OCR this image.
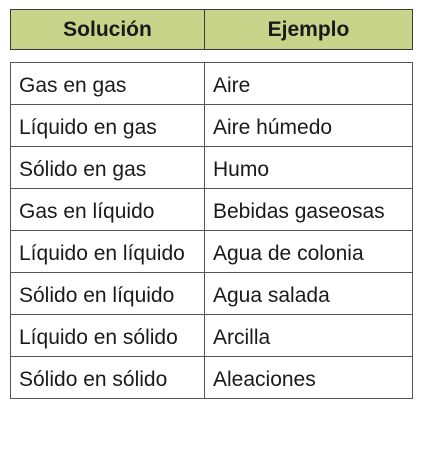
Solución	Ejemplo
Gas en gas	Aire
Líquido en gas	Aire húmedo
Sólido en gas	Humo
Gas en líquido	Bebidas gaseosas
Líquido en líquido	Agua de colonia
Sólido en líquido	Agua salada
Líquido en sólido	Arcilla
Sólido en sólido	Aleaciones
